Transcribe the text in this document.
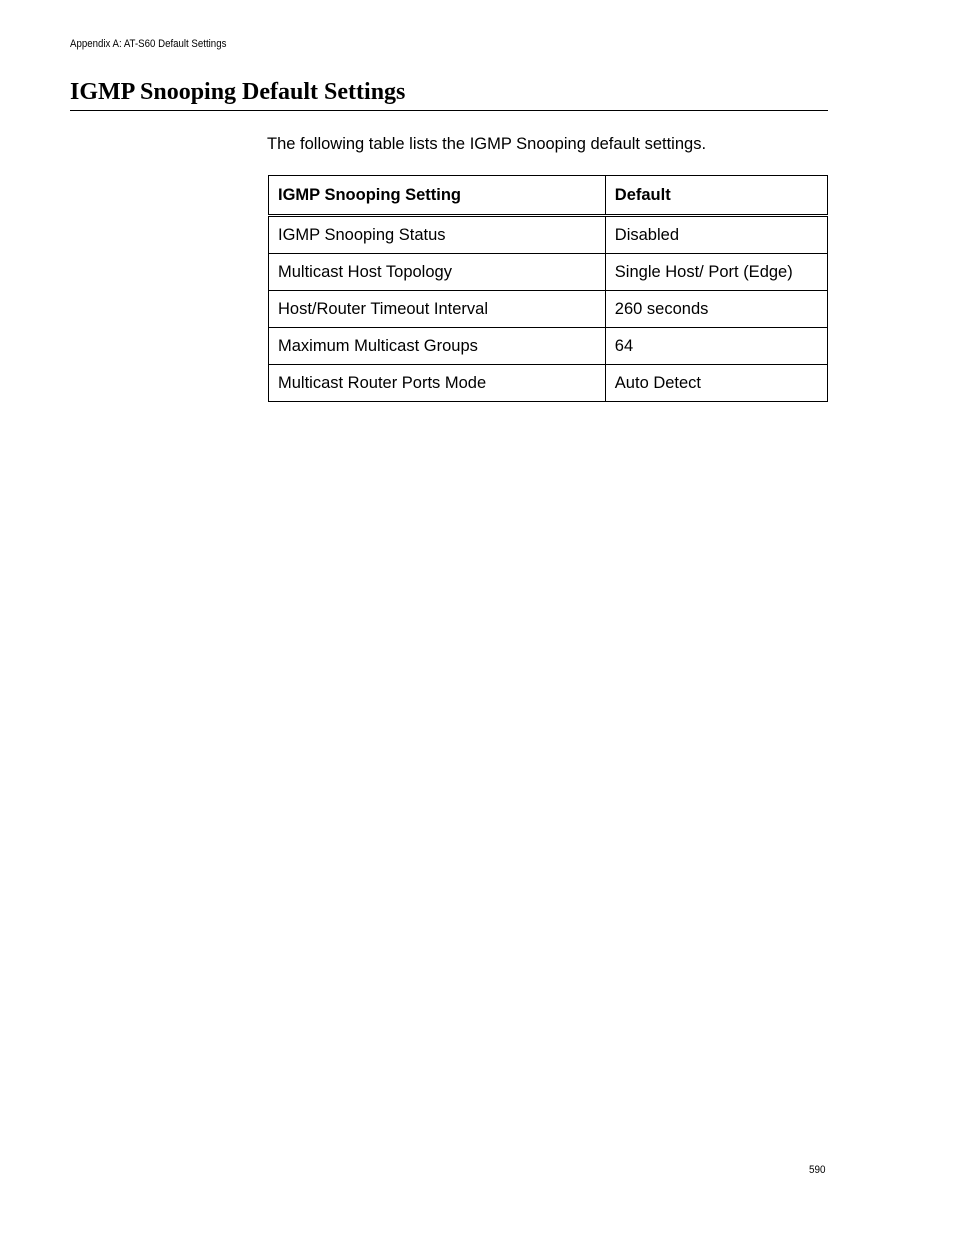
Appendix A: AT-S60 Default Settings
IGMP Snooping Default Settings

The following table lists the IGMP Snooping default settings.

IGMP Snooping Setting	Default
IGMP Snooping Status	Disabled
Multicast Host Topology	Single Host/ Port (Edge)
Host/Router Timeout Interval	260 seconds
Maximum Multicast Groups	64
Multicast Router Ports Mode	Auto Detect
590
